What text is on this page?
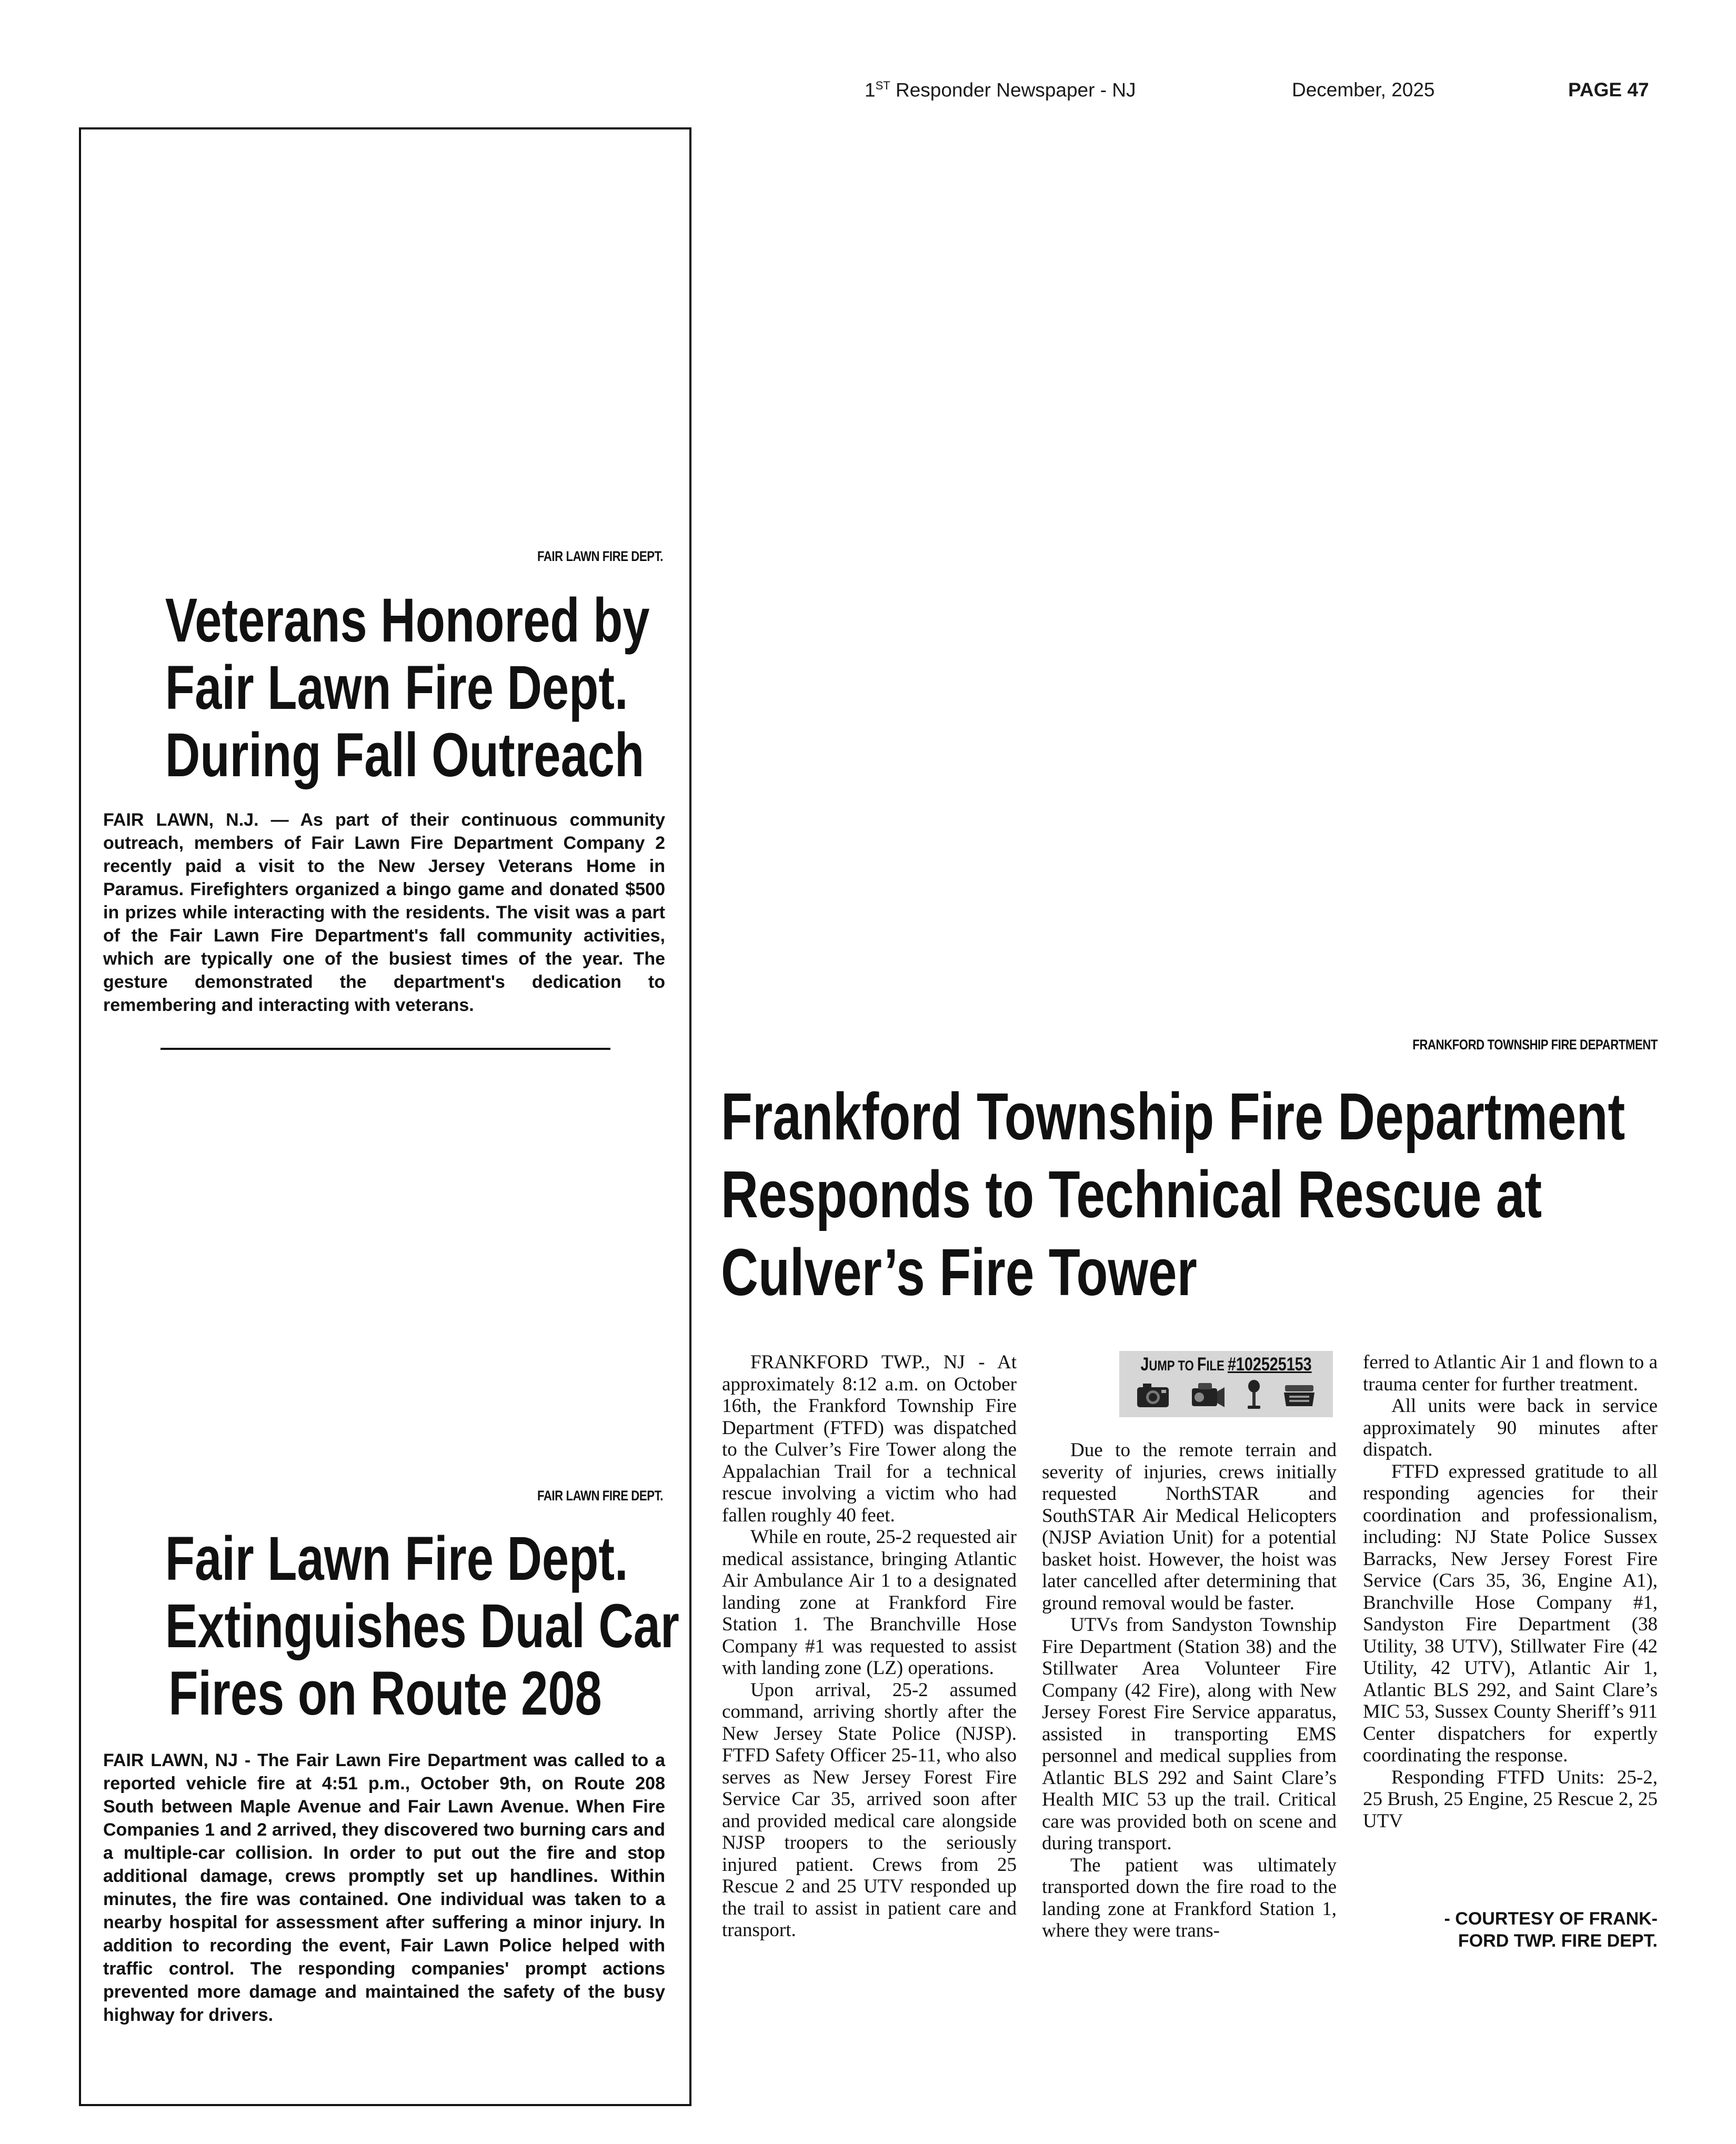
1ST Responder Newspaper - NJ	December, 2025	PAGE 47
FAIR LAWN FIRE DEPT.
Veterans Honored by
Fair Lawn Fire Dept.
During Fall Outreach

FAIR LAWN, N.J. — As part of their continuous community outreach, members of Fair Lawn Fire Department Company 2 recently paid a visit to the New Jersey Veterans Home in Paramus. Firefighters organized a bingo game and donated $500 in prizes while interacting with the residents. The visit was a part of the Fair Lawn Fire Department's fall community activities, which are typically one of the busiest times of the year. The gesture demonstrated the department's dedication to remembering and interacting with veterans.

FAIR LAWN FIRE DEPT.
Fair Lawn Fire Dept.
Extinguishes Dual Car
Fires on Route 208

FAIR LAWN, NJ - The Fair Lawn Fire Department was called to a reported vehicle fire at 4:51 p.m., October 9th, on Route 208 South between Maple Avenue and Fair Lawn Avenue. When Fire Companies 1 and 2 arrived, they discovered two burning cars and a multiple-car collision. In order to put out the fire and stop additional damage, crews promptly set up handlines. Within minutes, the fire was contained. One individual was taken to a nearby hospital for assessment after suffering a minor injury. In addition to recording the event, Fair Lawn Police helped with traffic control. The responding companies' prompt actions prevented more damage and maintained the safety of the busy highway for drivers.

FRANKFORD TOWNSHIP FIRE DEPARTMENT
Frankford Township Fire Department
Responds to Technical Rescue at
Culver’s Fire Tower

FRANKFORD TWP., NJ - At approximately 8:12 a.m. on October 16th, the Frankford Township Fire Department (FTFD) was dispatched to the Culver’s Fire Tower along the Appalachian Trail for a technical rescue involving a victim who had fallen roughly 40 feet.

While en route, 25-2 requested air medical assistance, bringing Atlantic Air Ambulance Air 1 to a designated landing zone at Frankford Fire Station 1. The Branchville Hose Company #1 was requested to assist with landing zone (LZ) operations.

Upon arrival, 25-2 assumed command, arriving shortly after the New Jersey State Police (NJSP). FTFD Safety Officer 25-11, who also serves as New Jersey Forest Fire Service Car 35, arrived soon after and provided medical care alongside NJSP troopers to the seriously injured patient. Crews from 25 Rescue 2 and 25 UTV responded up the trail to assist in patient care and transport.

JUMP TO FILE #102525153

Due to the remote terrain and severity of injuries, crews initially requested NorthSTAR and SouthSTAR Air Medical Helicopters (NJSP Aviation Unit) for a potential basket hoist. However, the hoist was later cancelled after determining that ground removal would be faster.

UTVs from Sandyston Township Fire Department (Station 38) and the Stillwater Area Volunteer Fire Company (42 Fire), along with New Jersey Forest Fire Service apparatus, assisted in transporting EMS personnel and medical supplies from Atlantic BLS 292 and Saint Clare’s Health MIC 53 up the trail. Critical care was provided both on scene and during transport.

The patient was ultimately transported down the fire road to the landing zone at Frankford Station 1, where they were trans-

ferred to Atlantic Air 1 and flown to a trauma center for further treatment.

All units were back in service approximately 90 minutes after dispatch.

FTFD expressed gratitude to all responding agencies for their coordination and professionalism, including: NJ State Police Sussex Barracks, New Jersey Forest Fire Service (Cars 35, 36, Engine A1), Branchville Hose Company #1, Sandyston Fire Department (38 Utility, 38 UTV), Stillwater Fire (42 Utility, 42 UTV), Atlantic Air 1, Atlantic BLS 292, and Saint Clare’s MIC 53, Sussex County Sheriff’s 911 Center dispatchers for expertly coordinating the response.

Responding FTFD Units: 25-2, 25 Brush, 25 Engine, 25 Rescue 2, 25 UTV

- COURTESY OF FRANK-
FORD TWP. FIRE DEPT.
